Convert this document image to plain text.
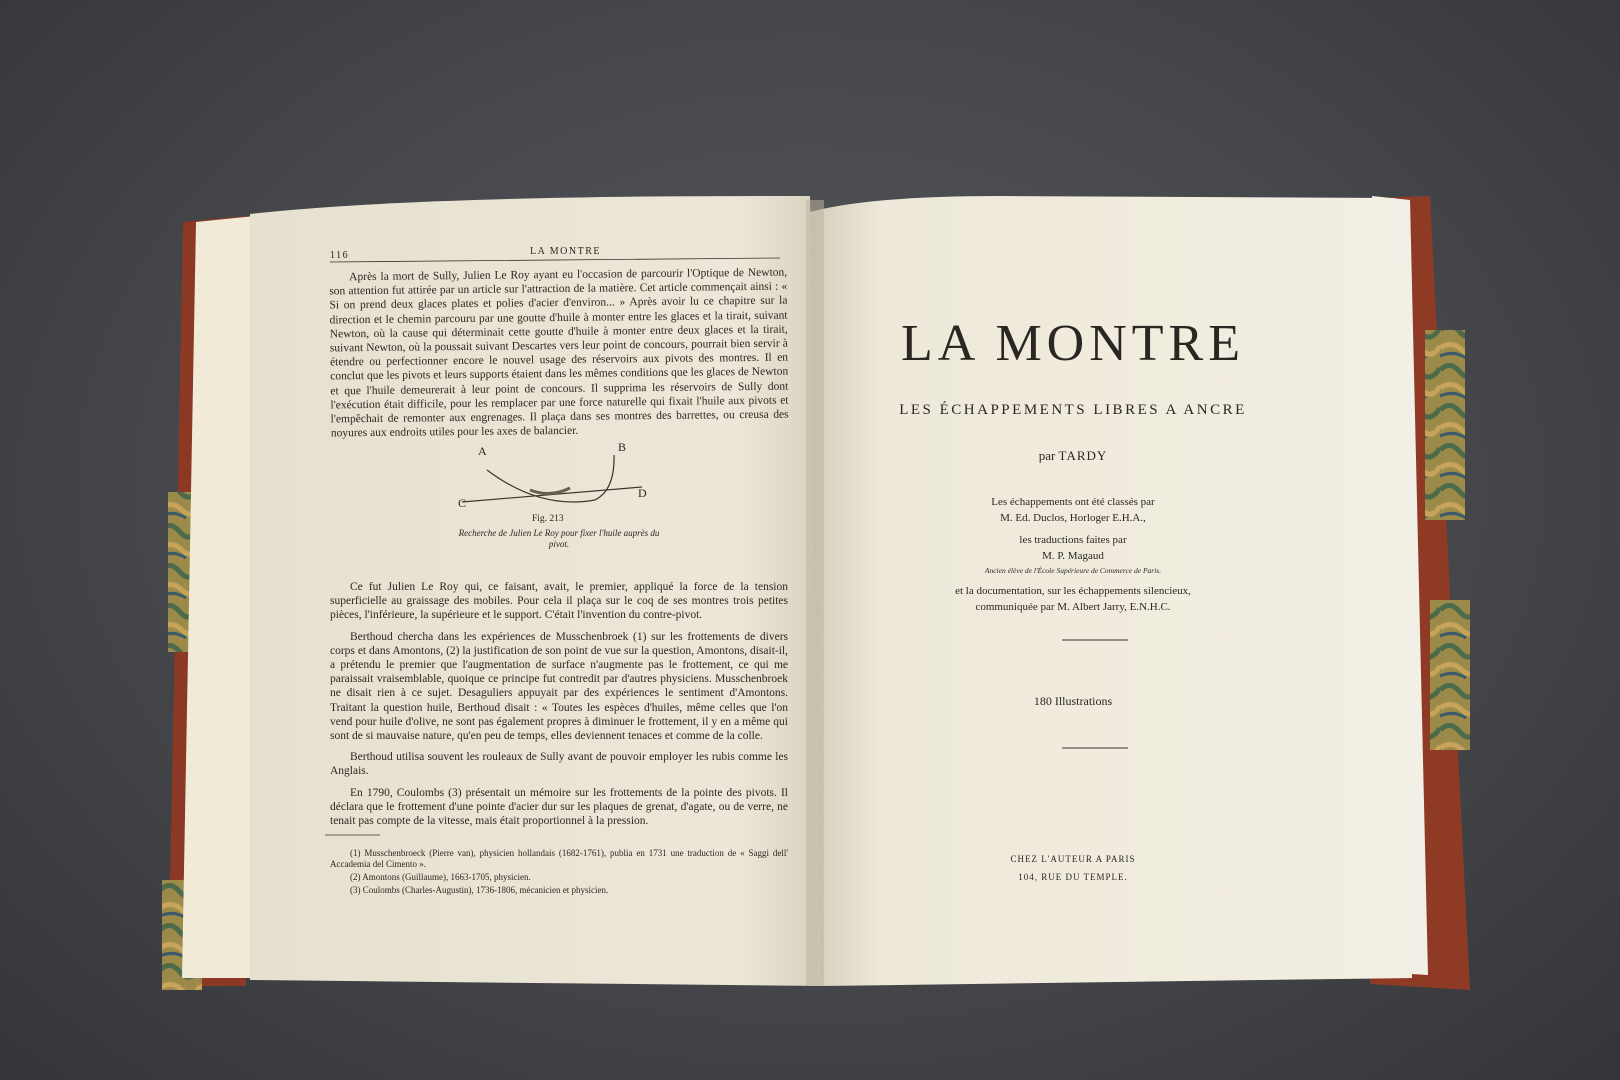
116	LA MONTRE

Après la mort de Sully, Julien Le Roy ayant eu l'occasion de parcourir l'Optique de Newton, son attention fut attirée par un article sur l'attraction de la matière. Cet article commençait ainsi : « Si on prend deux glaces plates et polies d'acier d'environ... » Après avoir lu ce chapitre sur la direction et le chemin parcouru par une goutte d'huile à monter entre les glaces et la tirait, suivant Newton, où la cause qui déterminait cette goutte d'huile à monter entre deux glaces et la tirait, suivant Newton, où la poussait suivant Descartes vers leur point de concours, pourrait bien servir à étendre ou perfectionner encore le nouvel usage des réservoirs aux pivots des montres. Il en conclut que les pivots et leurs supports étaient dans les mêmes conditions que les glaces de Newton et que l'huile demeurerait à leur point de concours. Il supprima les réservoirs de Sully dont l'exécution était difficile, pour les remplacer par une force naturelle qui fixait l'huile aux pivots et l'empêchait de remonter aux engrenages. Il plaça dans ses montres des barrettes, ou creusa des noyures aux endroits utiles pour les axes de balancier.

A	B
C
D
Fig. 213
Recherche de Julien Le Roy pour fixer l'huile auprès du pivot.

Ce fut Julien Le Roy qui, ce faisant, avait, le premier, appliqué la force de la tension superficielle au graissage des mobiles. Pour cela il plaça sur le coq de ses montres trois petites pièces, l'inférieure, la supérieure et le support. C'était l'invention du contre-pivot.

Berthoud chercha dans les expériences de Musschenbroek (1) sur les frottements de divers corps et dans Amontons, (2) la justification de son point de vue sur la question, Amontons, disait-il, a prétendu le premier que l'augmentation de surface n'augmente pas le frottement, ce qui me paraissait vraisemblable, quoique ce principe fut contredit par d'autres physiciens. Musschenbroek ne disait rien à ce sujet. Desaguliers appuyait par des expériences le sentiment d'Amontons. Traitant la question huile, Berthoud disait : « Toutes les espèces d'huiles, même celles que l'on vend pour huile d'olive, ne sont pas également propres à diminuer le frottement, il y en a même qui sont de si mauvaise nature, qu'en peu de temps, elles deviennent tenaces et comme de la colle.

Berthoud utilisa souvent les rouleaux de Sully avant de pouvoir employer les rubis comme les Anglais.

En 1790, Coulombs (3) présentait un mémoire sur les frottements de la pointe des pivots. Il déclara que le frottement d'une pointe d'acier dur sur les plaques de grenat, d'agate, ou de verre, ne tenait pas compte de la vitesse, mais était proportionnel à la pression.

(1) Musschenbroeck (Pierre van), physicien hollandais (1682-1761), publia en 1731 une traduction de « Saggi dell' Accademia del Cimento ».

(2) Amontons (Guillaume), 1663-1705, physicien.

(3) Coulombs (Charles-Augustin), 1736-1806, mécanicien et physicien.

LA MONTRE
LES ÉCHAPPEMENTS LIBRES A ANCRE
par TARDY
Les échappements ont été classés par
M. Ed. Duclos, Horloger E.H.A.,
les traductions faites par
M. P. Magaud
Ancien élève de l'École Supérieure de Commerce de Paris.
et la documentation, sur les échappements silencieux,
communiquée par M. Albert Jarry, E.N.H.C.
180 Illustrations
CHEZ L'AUTEUR A PARIS
104, RUE DU TEMPLE.
